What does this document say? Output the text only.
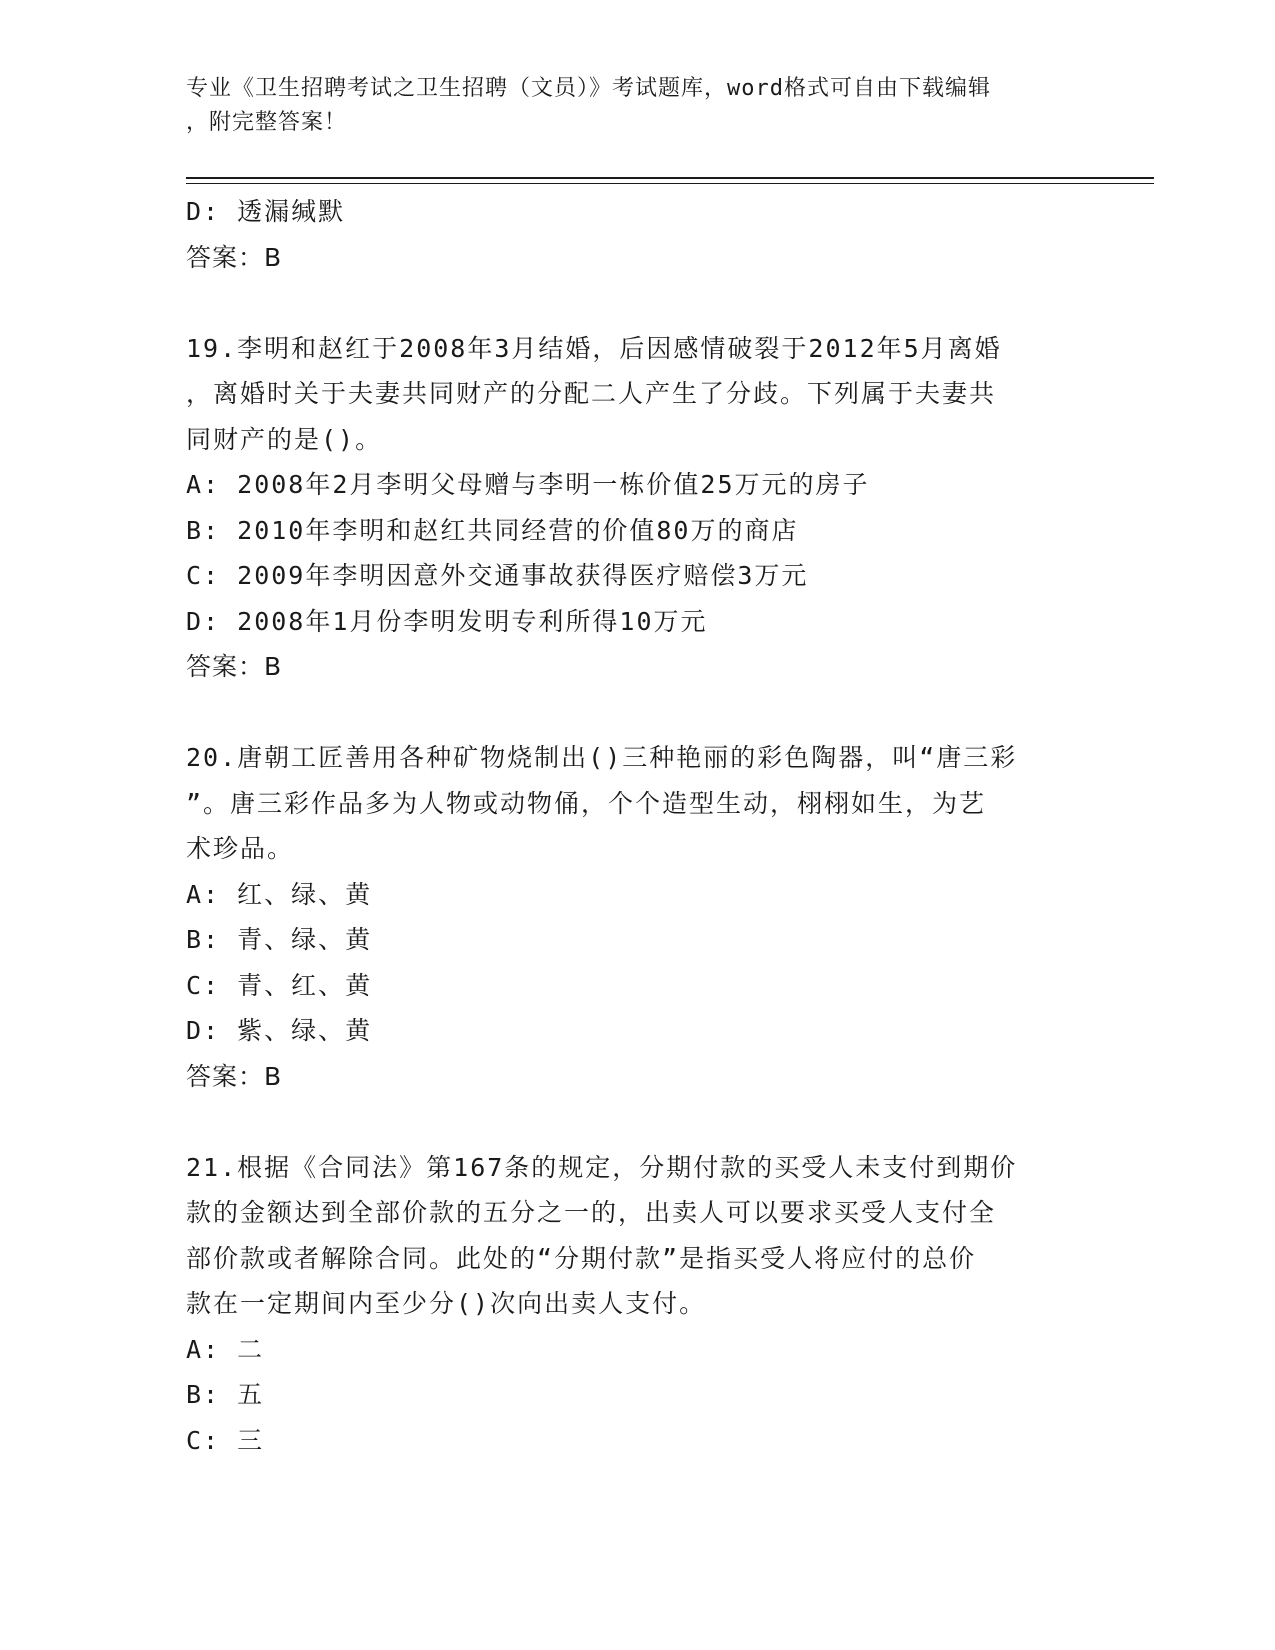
专业《卫生招聘考试之卫生招聘（文员）》考试题库，word格式可自由下载编辑
，附完整答案！
D: 透漏缄默
答案：B
19.李明和赵红于2008年3月结婚，后因感情破裂于2012年5月离婚
，离婚时关于夫妻共同财产的分配二人产生了分歧。下列属于夫妻共
同财产的是()。
A: 2008年2月李明父母赠与李明一栋价值25万元的房子
B: 2010年李明和赵红共同经营的价值80万的商店
C: 2009年李明因意外交通事故获得医疗赔偿3万元
D: 2008年1月份李明发明专利所得10万元
答案：B
20.唐朝工匠善用各种矿物烧制出()三种艳丽的彩色陶器，叫“唐三彩
”。唐三彩作品多为人物或动物俑，个个造型生动，栩栩如生，为艺
术珍品。
A: 红、绿、黄
B: 青、绿、黄
C: 青、红、黄
D: 紫、绿、黄
答案：B
21.根据《合同法》第167条的规定，分期付款的买受人未支付到期价
款的金额达到全部价款的五分之一的，出卖人可以要求买受人支付全
部价款或者解除合同。此处的“分期付款”是指买受人将应付的总价
款在一定期间内至少分()次向出卖人支付。
A: 二
B: 五
C: 三
